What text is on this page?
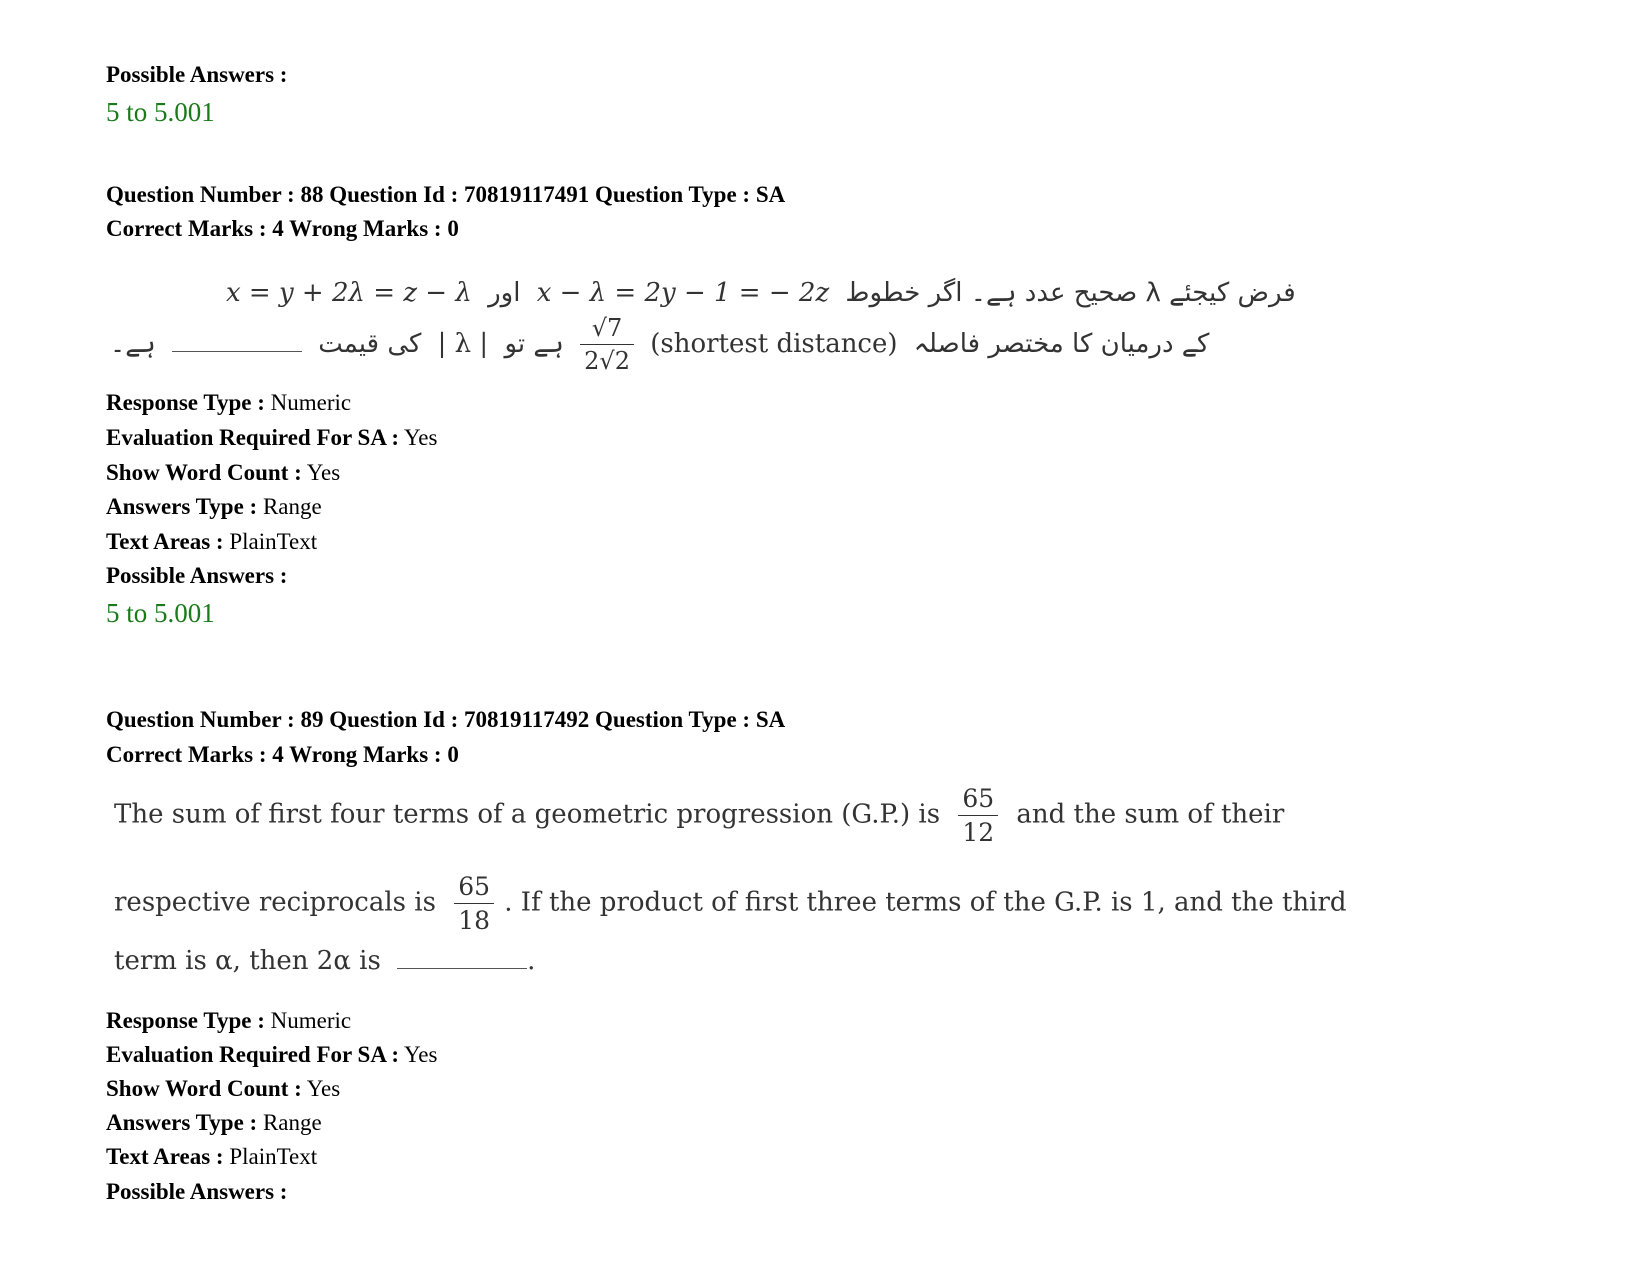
Possible Answers :
5 to 5.001
Question Number : 88 Question Id : 70819117491 Question Type : SA
Correct Marks : 4 Wrong Marks : 0
x = y + 2λ = z − λ اور x − λ = 2y − 1 = − 2z فرض کیجئے λ صحیح عدد ہے۔ اگر خطوط
ہے۔	کی قیمت | λ | ہے تو $\frac{√7}{2√2}$ (shortest distance) کے درمیان کا مختصر فاصلہ
Response Type : Numeric
Evaluation Required For SA : Yes
Show Word Count : Yes
Answers Type : Range
Text Areas : PlainText
Possible Answers :
5 to 5.001
Question Number : 89 Question Id : 70819117492 Question Type : SA
Correct Marks : 4 Wrong Marks : 0
The sum of first four terms of a geometric progression (G.P.) is $\frac{65}{12}$ and the sum of their
respective reciprocals is $\frac{65}{18}$ . If the product of first three terms of the G.P. is 1, and the third
term is α, then 2α is	.
Response Type : Numeric
Evaluation Required For SA : Yes
Show Word Count : Yes
Answers Type : Range
Text Areas : PlainText
Possible Answers :
